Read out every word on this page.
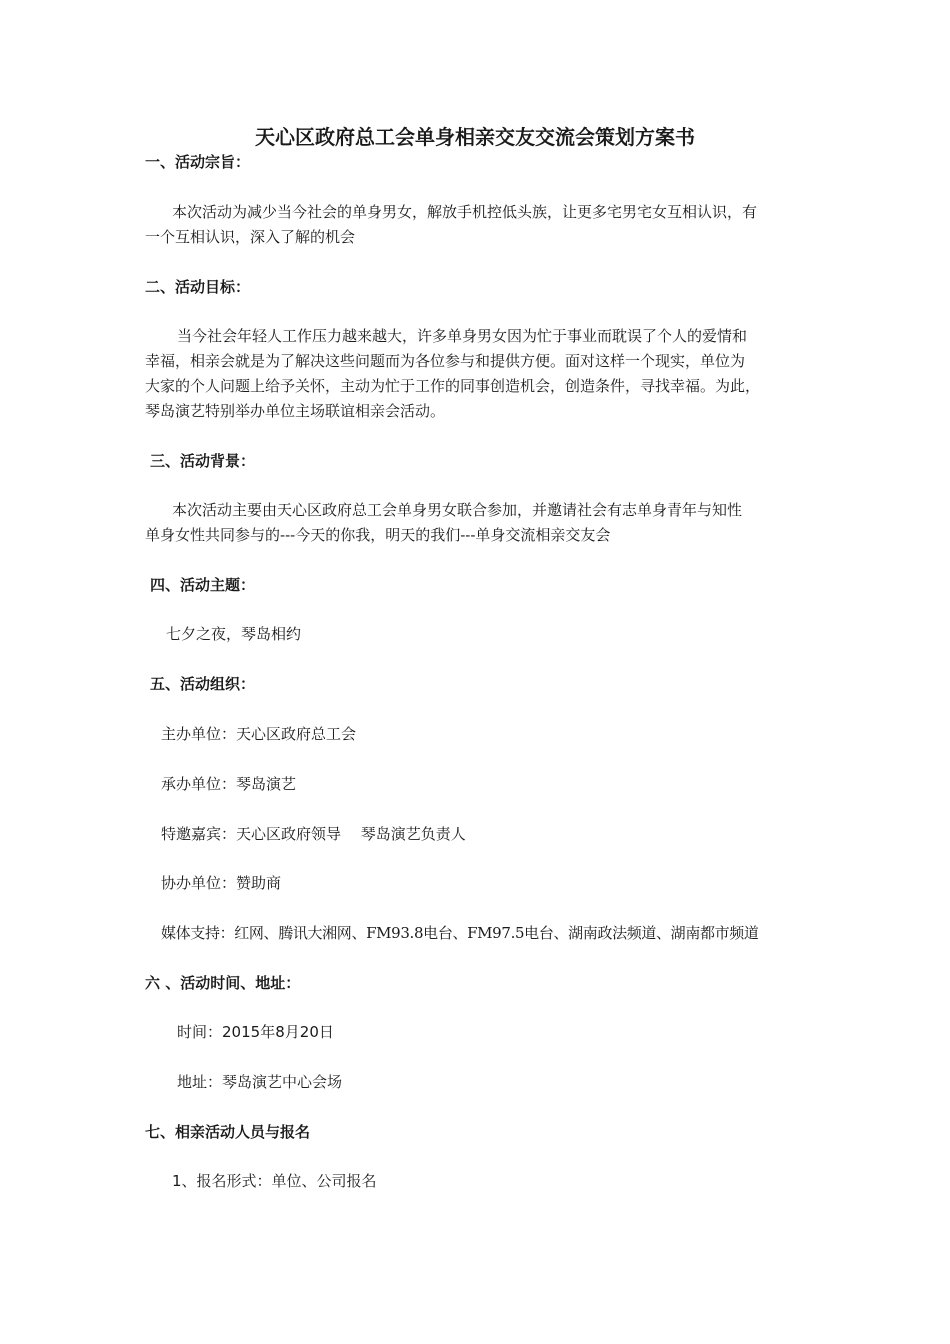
天心区政府总工会单身相亲交友交流会策划方案书
一、活动宗旨：
本次活动为减少当今社会的单身男女，解放手机控低头族，让更多宅男宅女互相认识，有
一个互相认识，深入了解的机会
二、活动目标：
当今社会年轻人工作压力越来越大，许多单身男女因为忙于事业而耽误了个人的爱情和
幸福，相亲会就是为了解决这些问题而为各位参与和提供方便。面对这样一个现实，单位为
大家的个人问题上给予关怀，主动为忙于工作的同事创造机会，创造条件，寻找幸福。为此，
琴岛演艺特别举办单位主场联谊相亲会活动。
三、活动背景：
本次活动主要由天心区政府总工会单身男女联合参加，并邀请社会有志单身青年与知性
单身女性共同参与的---今天的你我，明天的我们---单身交流相亲交友会
四、活动主题：
七夕之夜，琴岛相约
五、活动组织：
主办单位：天心区政府总工会
承办单位：琴岛演艺
特邀嘉宾：天心区政府领导　 琴岛演艺负责人
协办单位：赞助商
媒体支持：红网、腾讯大湘网、FM93.8电台、FM97.5电台、湖南政法频道、湖南都市频道
六 、活动时间、地址：
时间：2015年8月20日
地址：琴岛演艺中心会场
七、相亲活动人员与报名
1、报名形式：单位、公司报名
